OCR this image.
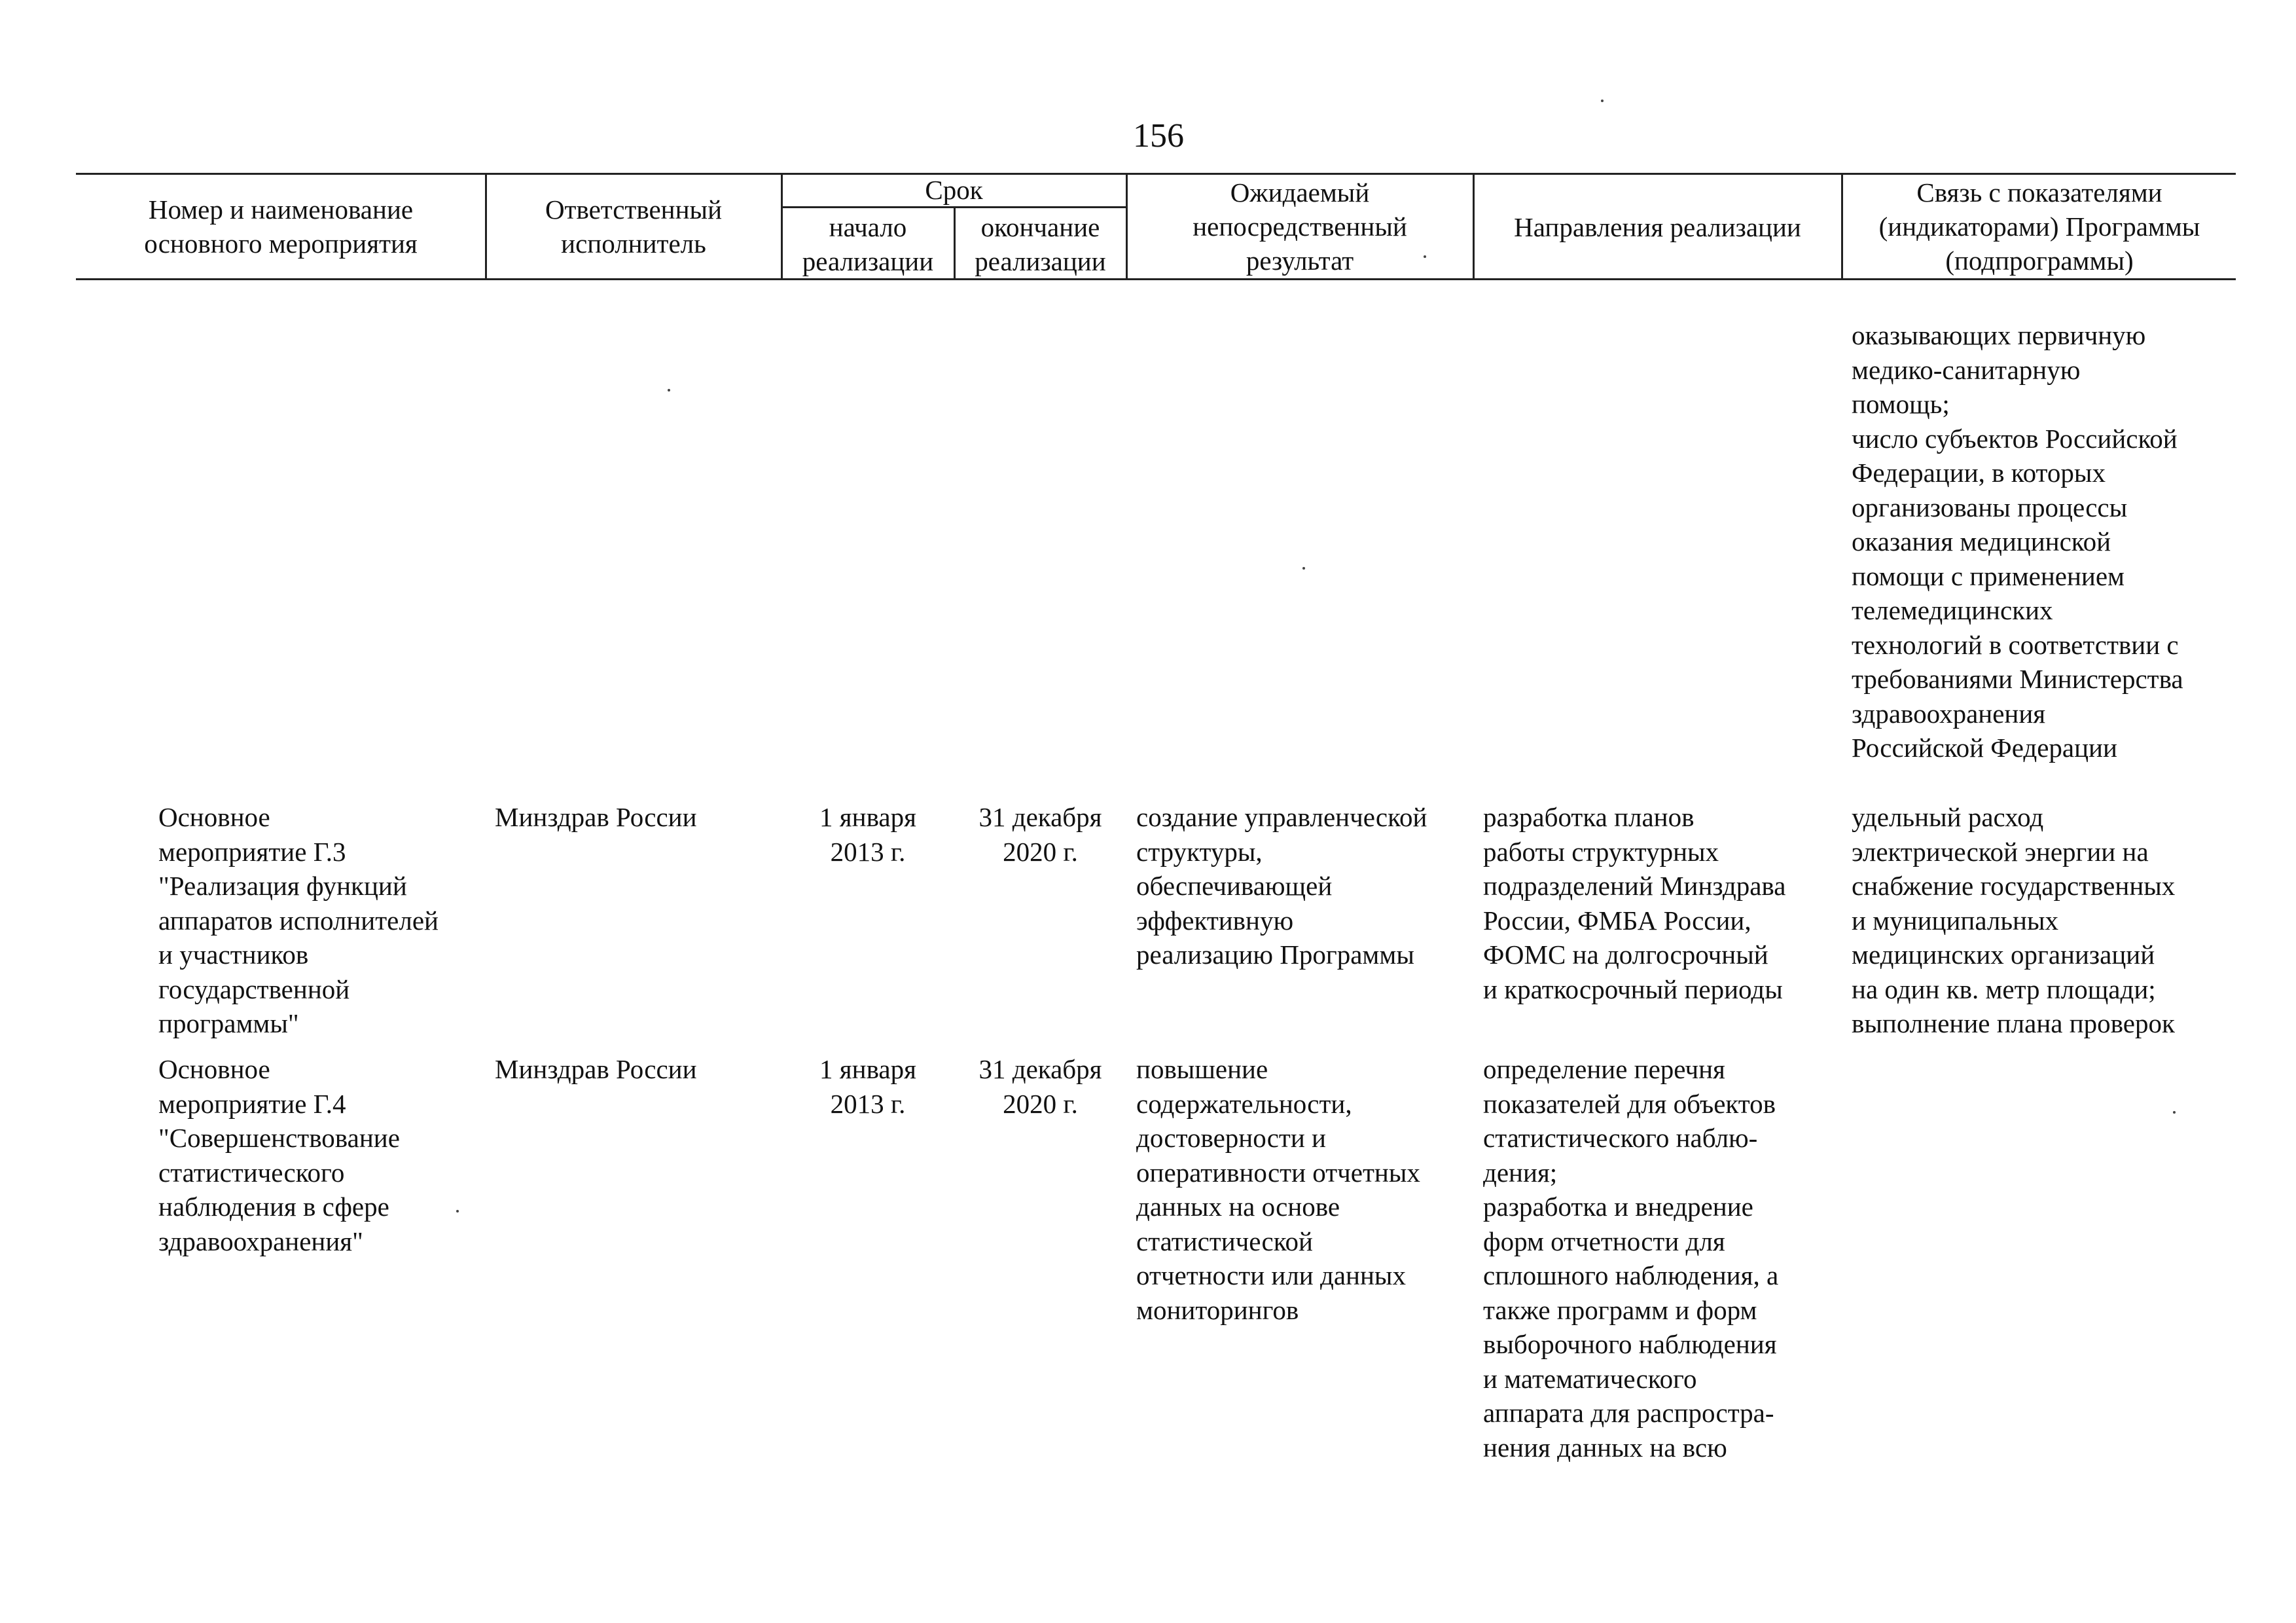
156
Номер и наименование
основного мероприятия
Ответственный
исполнитель
Срок
начало
реализации
окончание
реализации
Ожидаемый
непосредственный
результат
Направления реализации
Связь с показателями
(индикаторами) Программы
(подпрограммы)
оказывающих первичную
медико-санитарную
помощь;
число субъектов Российской
Федерации, в которых
организованы процессы
оказания медицинской
помощи с применением
телемедицинских
технологий в соответствии с
требованиями Министерства
здравоохранения
Российской Федерации
Основное
мероприятие Г.3
"Реализация функций
аппаратов исполнителей
и участников
государственной
программы"
Минздрав России	1 января
2013 г.
31 декабря
2020 г.
создание управленческой
структуры,
обеспечивающей
эффективную
реализацию Программы
разработка планов
работы структурных
подразделений Минздрава
России, ФМБА России,
ФОМС на долгосрочный
и краткосрочный периоды
удельный расход
электрической энергии на
снабжение государственных
и муниципальных
медицинских организаций
на один кв. метр площади;
выполнение плана проверок
Основное
мероприятие Г.4
"Совершенствование
статистического
наблюдения в сфере
здравоохранения"
Минздрав России	1 января
2013 г.
31 декабря
2020 г.
повышение
содержательности,
достоверности и
оперативности отчетных
данных на основе
статистической
отчетности или данных
мониторингов
определение перечня
показателей для объектов
статистического наблю-
дения;
разработка и внедрение
форм отчетности для
сплошного наблюдения, а
также программ и форм
выборочного наблюдения
и математического
аппарата для распростра-
нения данных на всю
